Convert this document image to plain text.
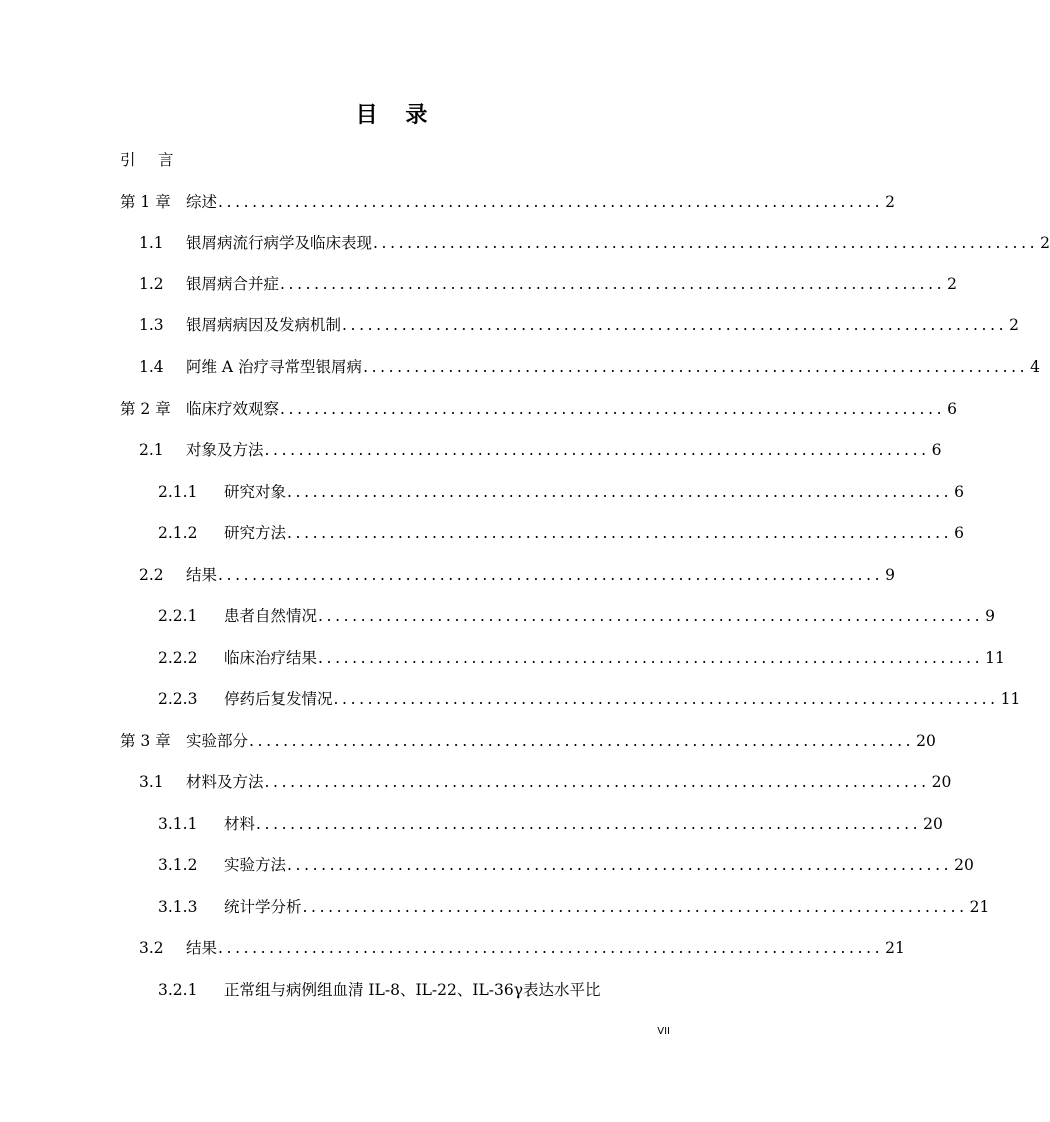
目 录
引	言
第 1 章 综述 .............................................................................. 2
1.1	银屑病流行病学及临床表现 .............................................................................. 2
1.2	银屑病合并症 .............................................................................. 2
1.3	银屑病病因及发病机制 .............................................................................. 2
1.4	阿维 A 治疗寻常型银屑病 .............................................................................. 4
第 2 章 临床疗效观察 .............................................................................. 6
2.1	对象及方法 .............................................................................. 6
2.1.1	研究对象 .............................................................................. 6
2.1.2	研究方法 .............................................................................. 6
2.2	结果 .............................................................................. 9
2.2.1	患者自然情况 .............................................................................. 9
2.2.2	临床治疗结果 .............................................................................. 11
2.2.3	停药后复发情况 .............................................................................. 11
第 3 章 实验部分 .............................................................................. 20
3.1	材料及方法 .............................................................................. 20
3.1.1	材料 .............................................................................. 20
3.1.2	实验方法 .............................................................................. 20
3.1.3	统计学分析 .............................................................................. 21
3.2	结果 .............................................................................. 21
3.2.1	正常组与病例组血清 IL-8、IL-22、IL-36γ表达水平比
VII
